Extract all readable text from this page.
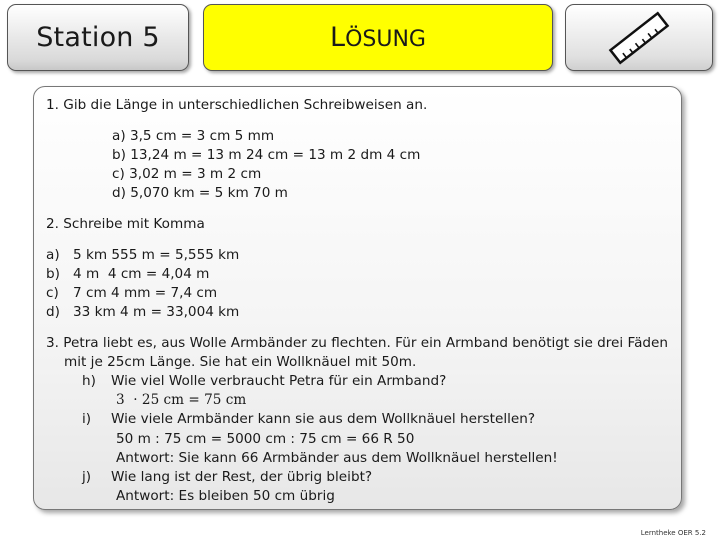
Station 5	LÖSUNG
1. Gib die Länge in unterschiedlichen Schreibweisen an.
a) 3,5 cm = 3 cm 5 mm
b) 13,24 m = 13 m 24 cm = 13 m 2 dm 4 cm
c) 3,02 m = 3 m 2 cm
d) 5,070 km = 5 km 70 m
2. Schreibe mit Komma
a) 5 km 555 m = 5,555 km
b) 4 m  4 cm = 4,04 m
c) 7 cm 4 mm = 7,4 cm
d) 33 km 4 m = 33,004 km
3. Petra liebt es, aus Wolle Armbänder zu flechten. Für ein Armband benötigt sie drei Fäden
mit je 25cm Länge. Sie hat ein Wollknäuel mit 50m.
h) Wie viel Wolle verbraucht Petra für ein Armband?
3  · 25 cm = 75 cm
i) Wie viele Armbänder kann sie aus dem Wollknäuel herstellen?
50 m : 75 cm = 5000 cm : 75 cm = 66 R 50
Antwort: Sie kann 66 Armbänder aus dem Wollknäuel herstellen!
j) Wie lang ist der Rest, der übrig bleibt?
Antwort: Es bleiben 50 cm übrig
Lerntheke OER 5.2
